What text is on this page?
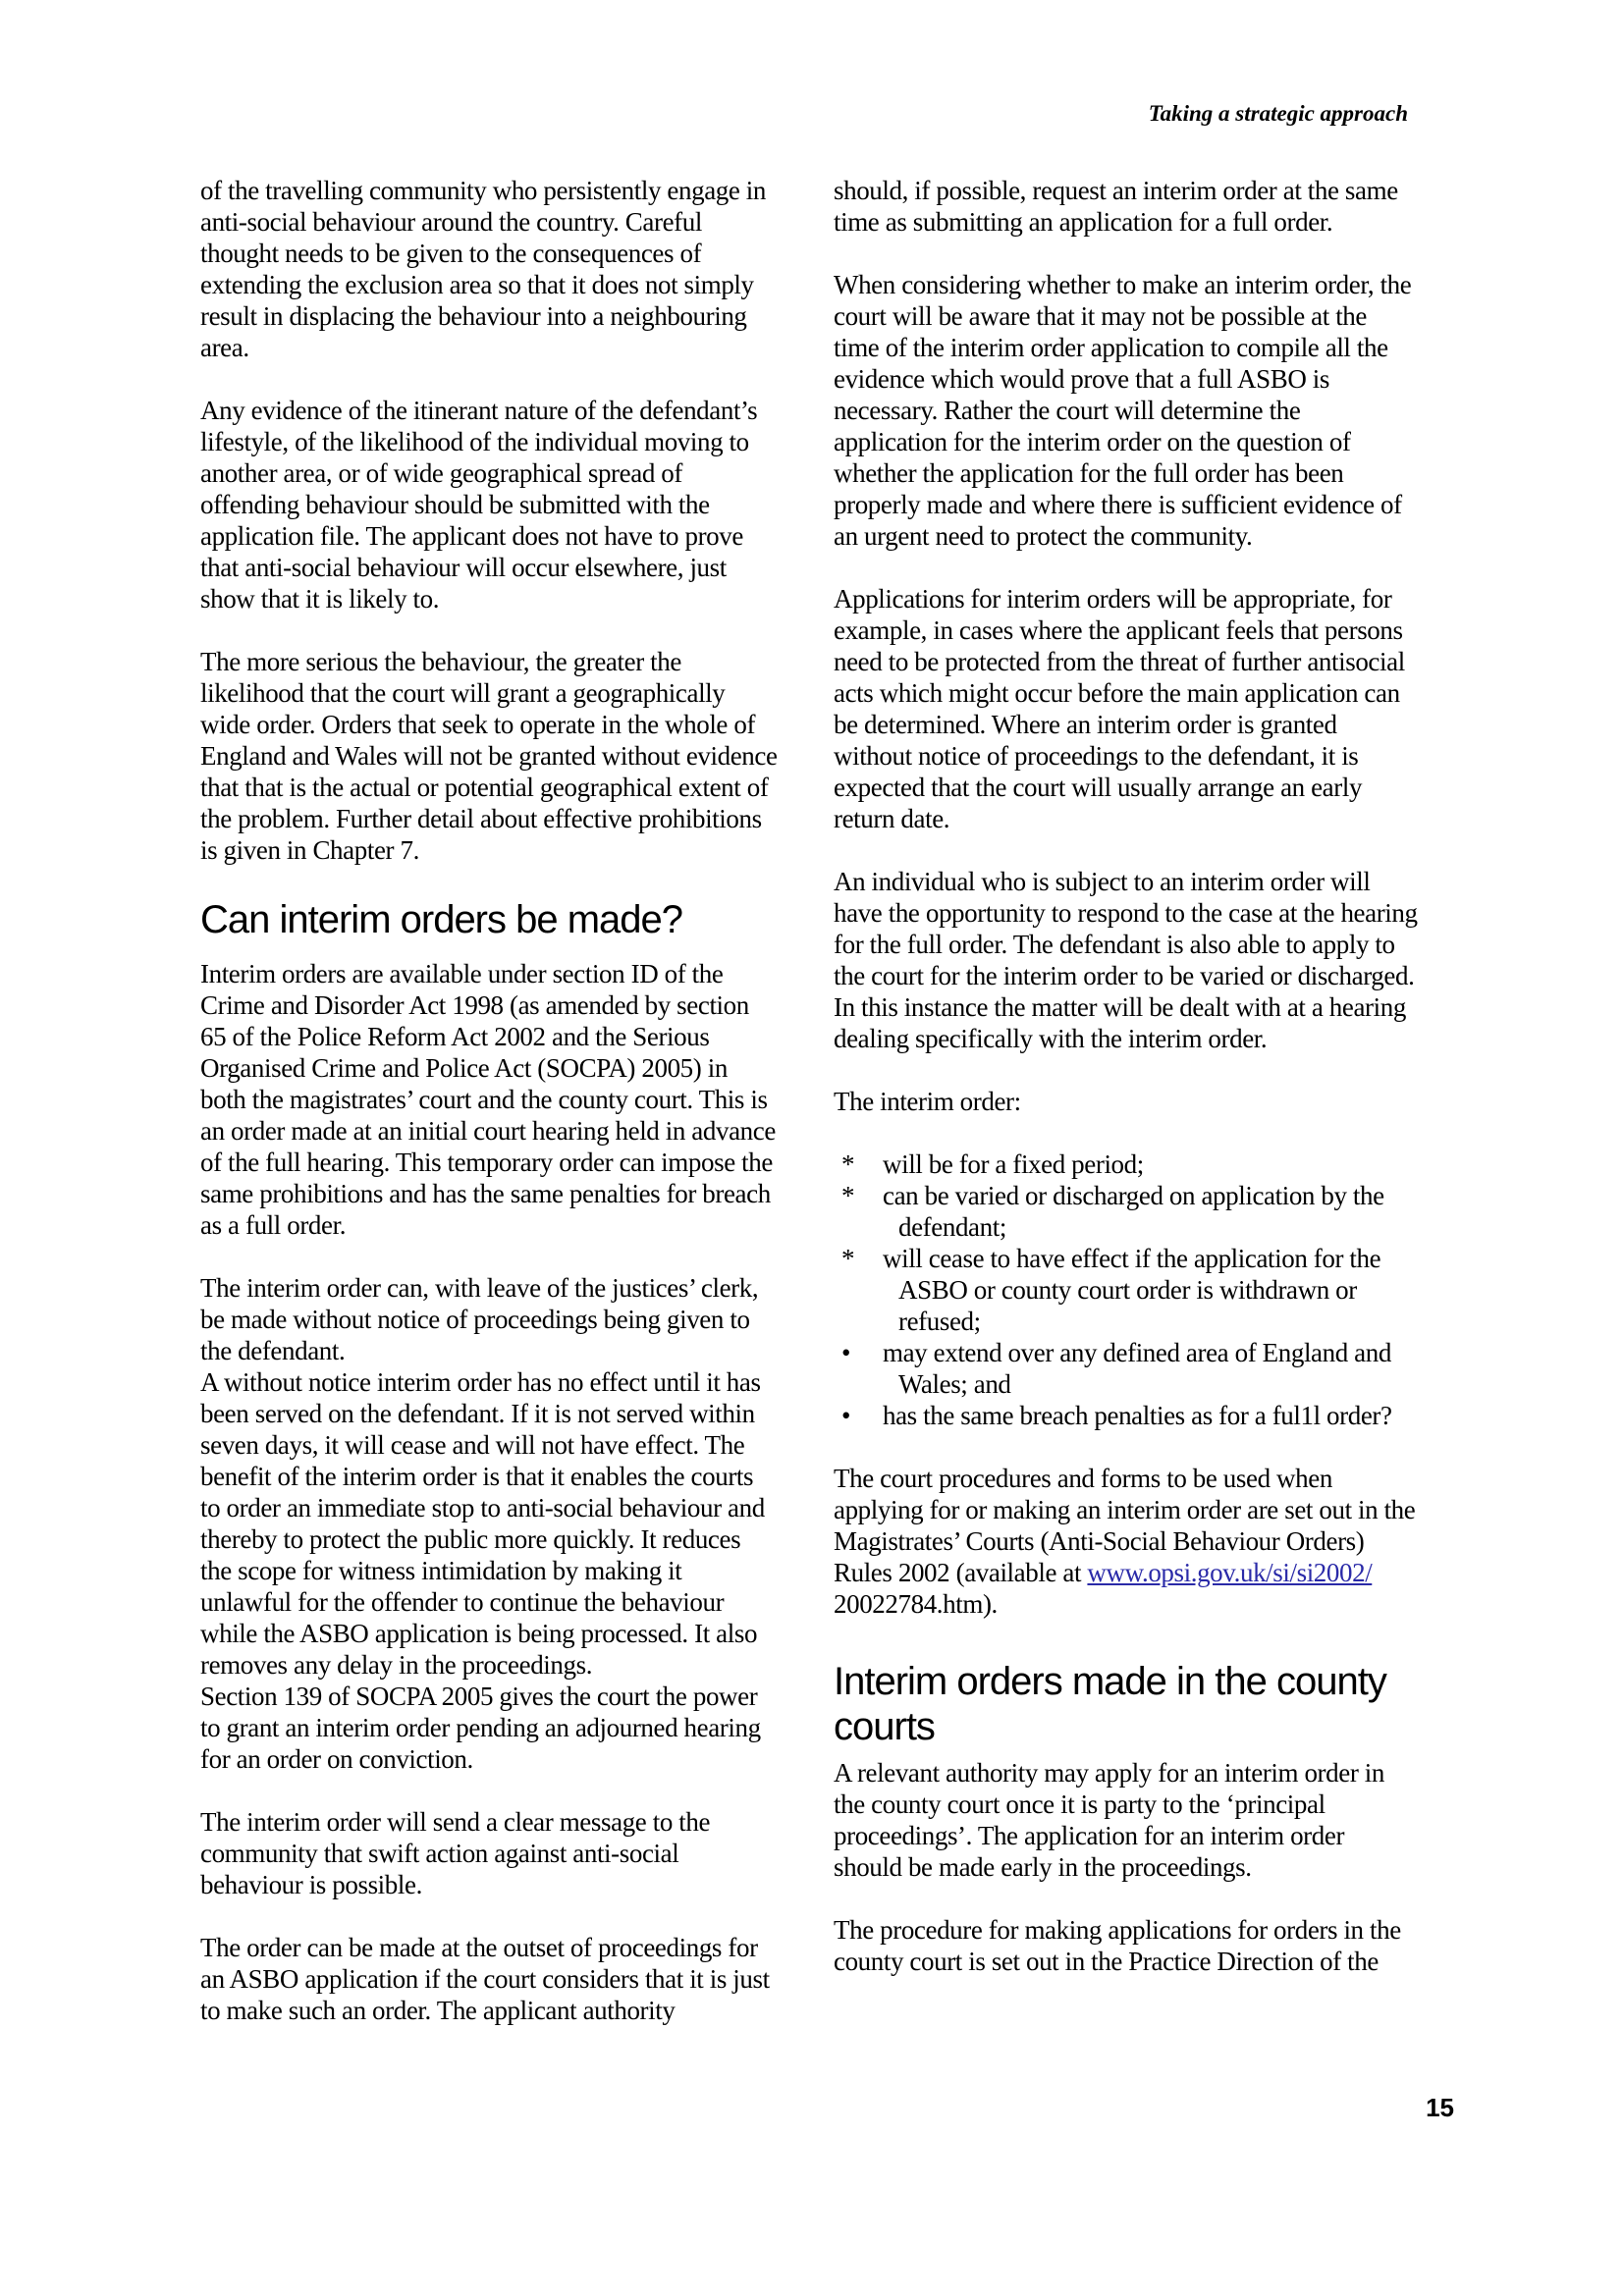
Taking a strategic approach

of the travelling community who persistently engage in anti-social behaviour around the country. Careful thought needs to be given to the consequences of extending the exclusion area so that it does not simply result in displacing the behaviour into a neighbouring area.

Any evidence of the itinerant nature of the defendant’s lifestyle, of the likelihood of the individual moving to another area, or of wide geographical spread of offending behaviour should be submitted with the application file. The applicant does not have to prove that anti-social behaviour will occur elsewhere, just show that it is likely to.

The more serious the behaviour, the greater the likelihood that the court will grant a geographically wide order. Orders that seek to operate in the whole of England and Wales will not be granted without evidence that that is the actual or potential geographical extent of the problem. Further detail about effective prohibitions is given in Chapter 7.

Can interim orders be made?

Interim orders are available under section ID of the Crime and Disorder Act 1998 (as amended by section 65 of the Police Reform Act 2002 and the Serious Organised Crime and Police Act (SOCPA) 2005) in both the magistrates’ court and the county court. This is an order made at an initial court hearing held in advance of the full hearing. This temporary order can impose the same prohibitions and has the same penalties for breach as a full order.

The interim order can, with leave of the justices’ clerk, be made without notice of proceedings being given to the defendant.

A without notice interim order has no effect until it has been served on the defendant. If it is not served within seven days, it will cease and will not have effect. The benefit of the interim order is that it enables the courts to order an immediate stop to anti-social behaviour and thereby to protect the public more quickly. It reduces the scope for witness intimidation by making it unlawful for the offender to continue the behaviour while the ASBO application is being processed. It also removes any delay in the proceedings.

Section 139 of SOCPA 2005 gives the court the power to grant an interim order pending an adjourned hearing for an order on conviction.

The interim order will send a clear message to the community that swift action against anti-social behaviour is possible.

The order can be made at the outset of proceedings for an ASBO application if the court considers that it is just to make such an order. The applicant authority

should, if possible, request an interim order at the same time as submitting an application for a full order.

When considering whether to make an interim order, the court will be aware that it may not be possible at the time of the interim order application to compile all the evidence which would prove that a full ASBO is necessary. Rather the court will determine the application for the interim order on the question of whether the application for the full order has been properly made and where there is sufficient evidence of an urgent need to protect the community.

Applications for interim orders will be appropriate, for example, in cases where the applicant feels that persons need to be protected from the threat of further antisocial acts which might occur before the main application can be determined. Where an interim order is granted without notice of proceedings to the defendant, it is expected that the court will usually arrange an early return date.

An individual who is subject to an interim order will have the opportunity to respond to the case at the hearing for the full order. The defendant is also able to apply to the court for the interim order to be varied or discharged. In this instance the matter will be dealt with at a hearing dealing specifically with the interim order.

The interim order:

* will be for a fixed period;
* can be varied or discharged on application by the defendant;
* will cease to have effect if the application for the ASBO or county court order is withdrawn or refused;
• may extend over any defined area of England and Wales; and
• has the same breach penalties as for a ful1l order?

The court procedures and forms to be used when applying for or making an interim order are set out in the Magistrates’ Courts (Anti-Social Behaviour Orders) Rules 2002 (available at www.opsi.gov.uk/si/si2002/ 20022784.htm).

Interim orders made in the county
courts

A relevant authority may apply for an interim order in the county court once it is party to the ‘principal proceedings’. The application for an interim order should be made early in the proceedings.

The procedure for making applications for orders in the county court is set out in the Practice Direction of the

15
